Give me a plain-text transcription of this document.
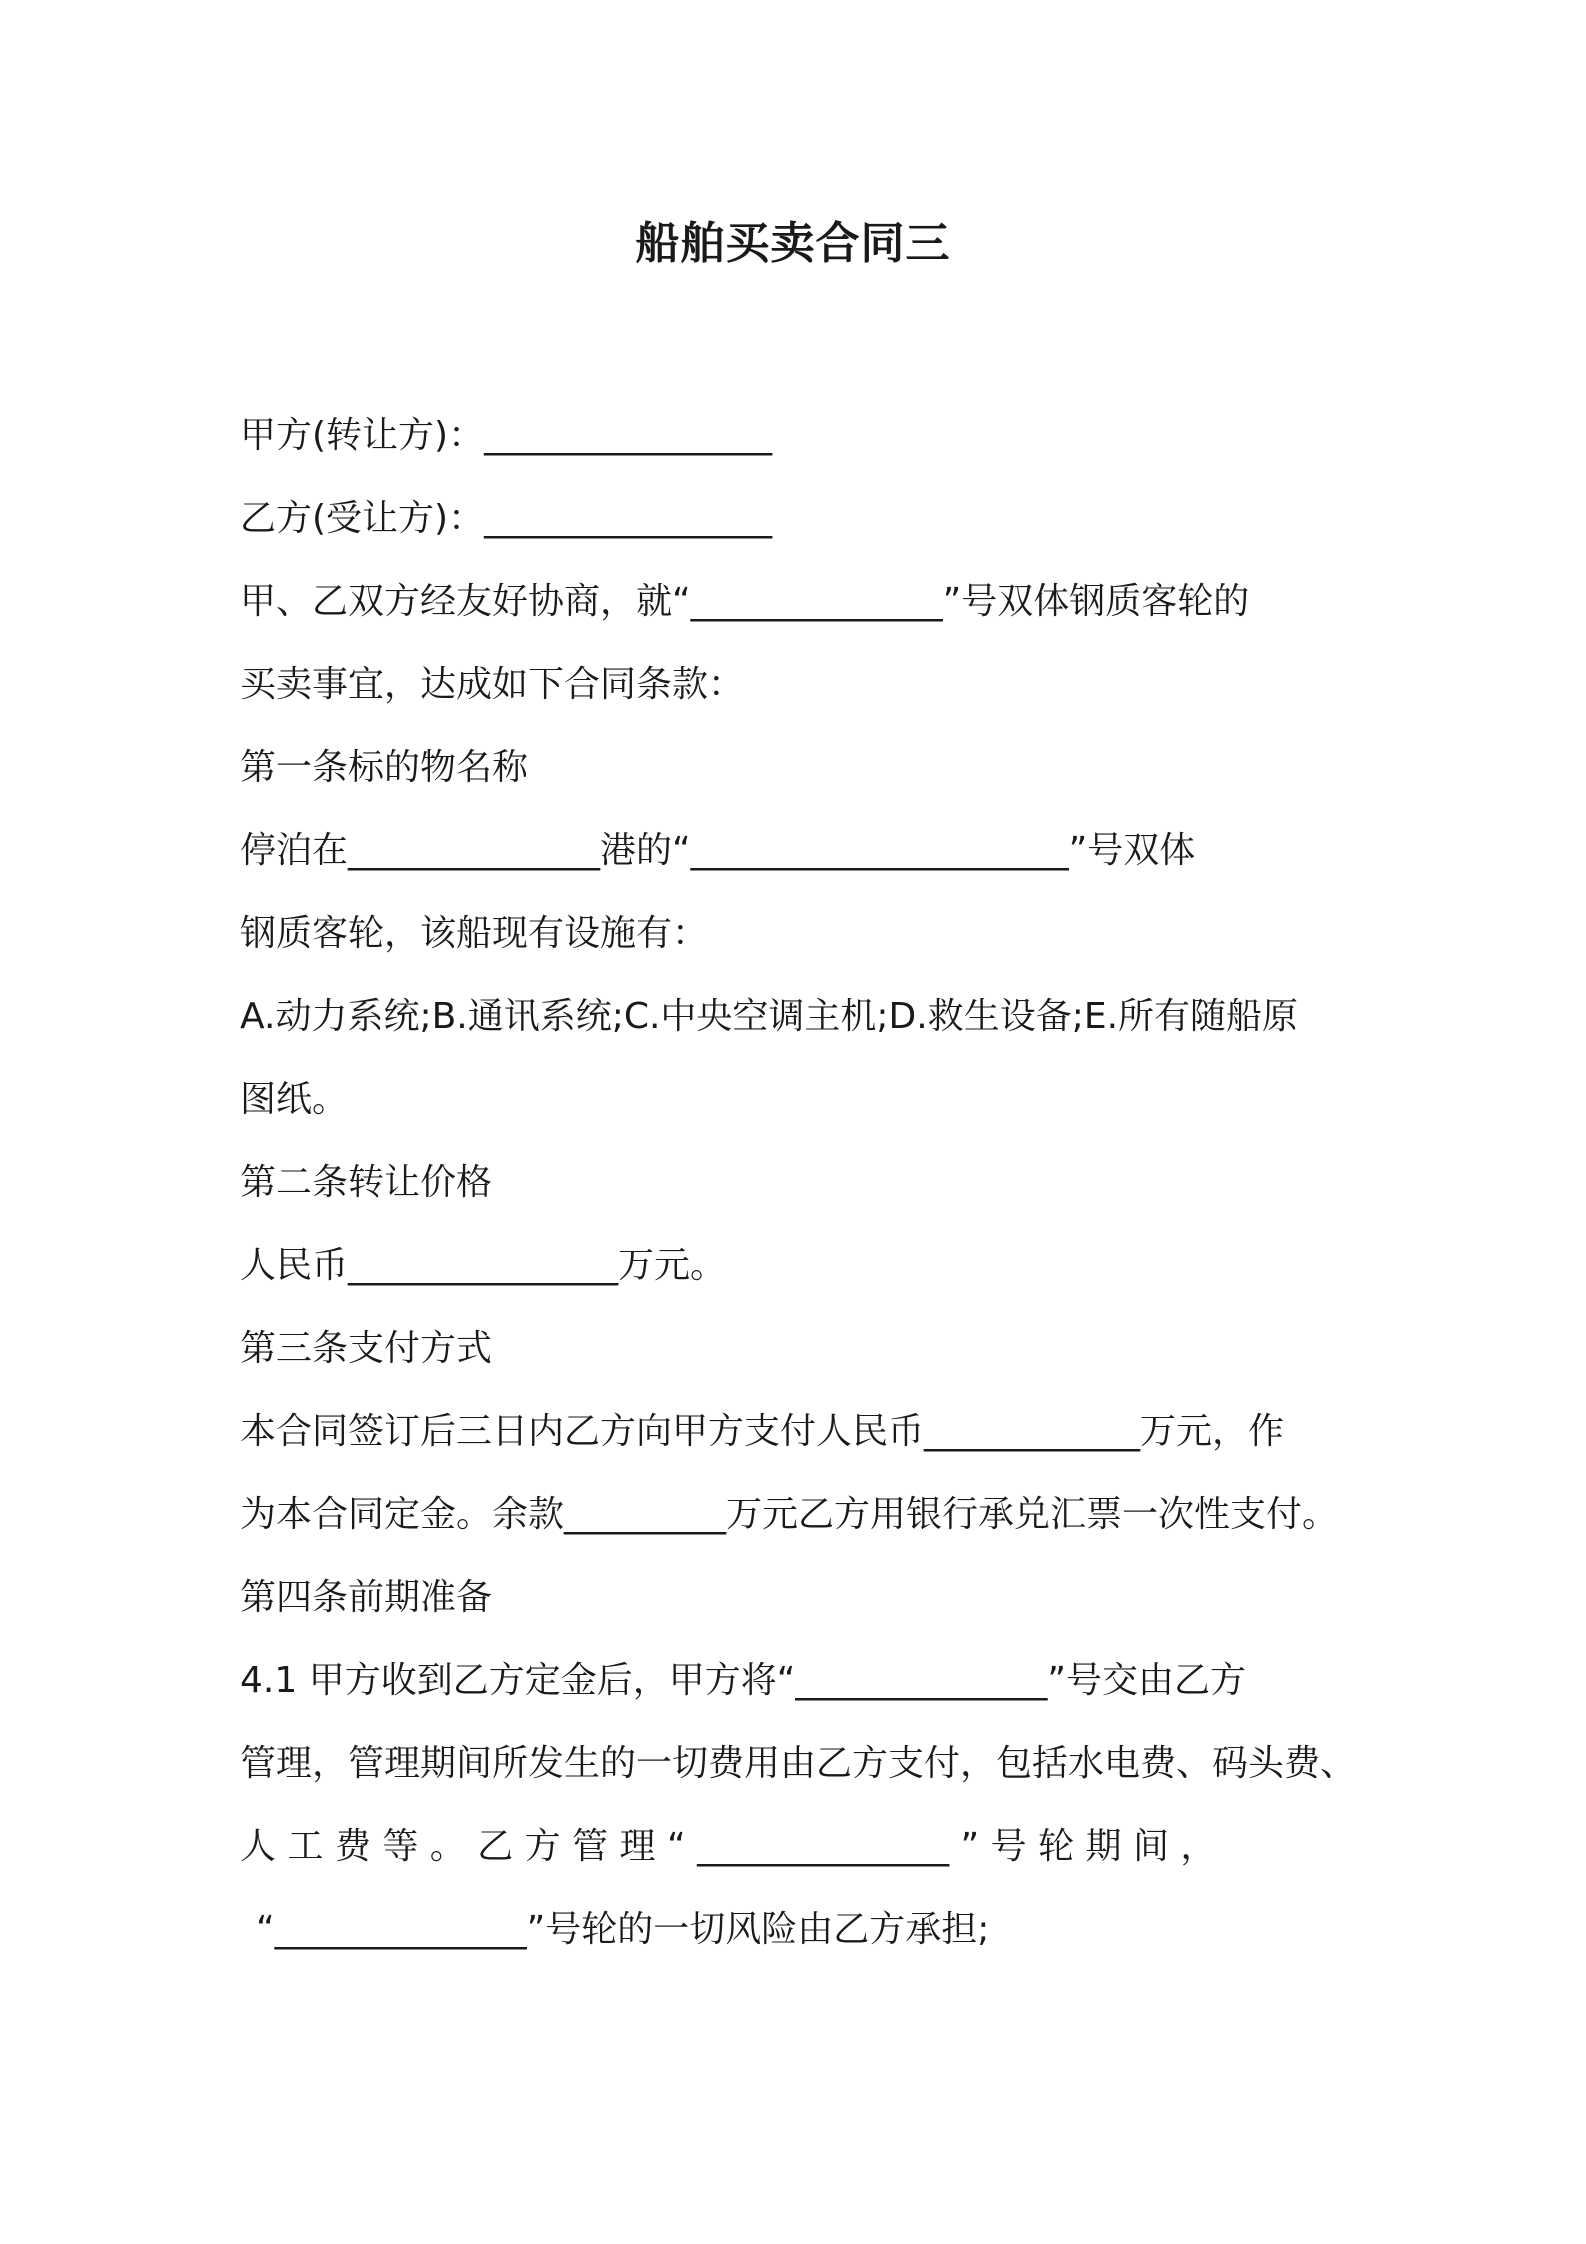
船舶买卖合同三
甲方(转让方)：________________
乙方(受让方)：________________
甲、乙双方经友好协商，就“______________”号双体钢质客轮的
买卖事宜，达成如下合同条款：
第一条标的物名称
停泊在______________港的“_____________________”号双体
钢质客轮，该船现有设施有：
A.动力系统;B.通讯系统;C.中央空调主机;D.救生设备;E.所有随船原
图纸。
第二条转让价格
人民币_______________万元。
第三条支付方式
本合同签订后三日内乙方向甲方支付人民币____________万元，作
为本合同定金。余款_________万元乙方用银行承兑汇票一次性支付。
第四条前期准备
4.1 甲方收到乙方定金后，甲方将“______________”号交由乙方
管理，管理期间所发生的一切费用由乙方支付，包括水电费、码头费、
人 工 费 等 。 乙 方 管 理 “ ______________ ” 号 轮 期 间 ，
“______________”号轮的一切风险由乙方承担;
